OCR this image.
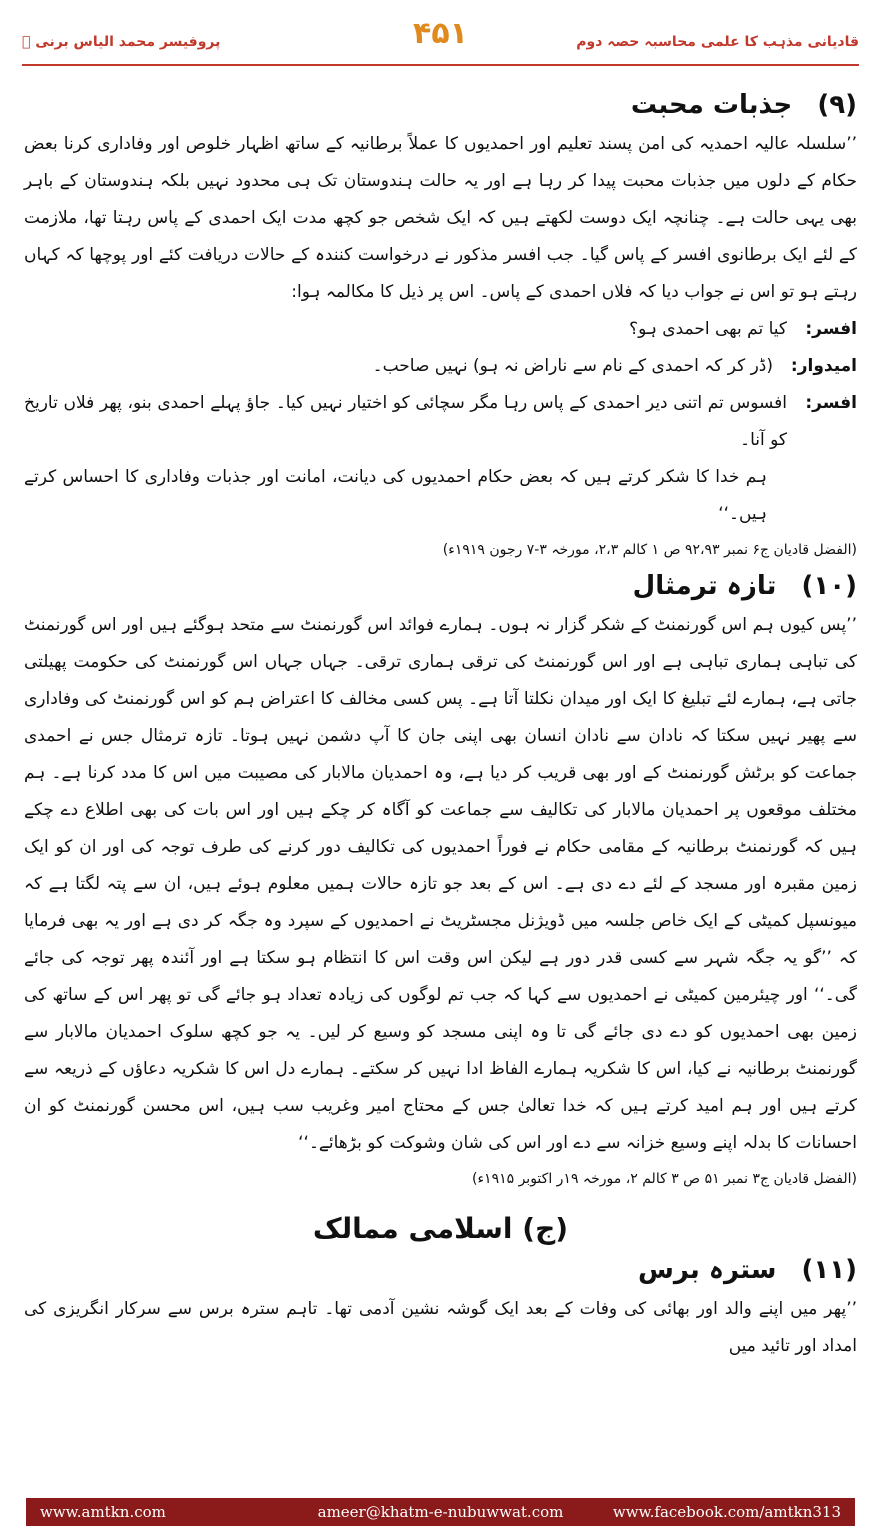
قادیانی مذہب کا علمی محاسبہ حصہ دوم
۴۵۱
پروفیسر محمد الیاس برنی ﷫
(۹) جذبات محبت

’’سلسلہ عالیہ احمدیہ کی امن پسند تعلیم اور احمدیوں کا عملاً برطانیہ کے ساتھ اظہار خلوص اور وفاداری کرنا بعض حکام کے دلوں میں جذبات محبت پیدا کر رہا ہے اور یہ حالت ہندوستان تک ہی محدود نہیں بلکہ ہندوستان کے باہر بھی یہی حالت ہے۔ چنانچہ ایک دوست لکھتے ہیں کہ ایک شخص جو کچھ مدت ایک احمدی کے پاس رہتا تھا، ملازمت کے لئے ایک برطانوی افسر کے پاس گیا۔ جب افسر مذکور نے درخواست کنندہ کے حالات دریافت کئے اور پوچھا کہ کہاں رہتے ہو تو اس نے جواب دیا کہ فلاں احمدی کے پاس۔ اس پر ذیل کا مکالمہ ہوا:

افسر:
کیا تم بھی احمدی ہو؟
امیدوار:
(ڈر کر کہ احمدی کے نام سے ناراض نہ ہو) نہیں صاحب۔
افسر:
افسوس تم اتنی دیر احمدی کے پاس رہا مگر سچائی کو اختیار نہیں کیا۔ جاؤ پہلے احمدی بنو، پھر فلاں تاریخ کو آنا۔

ہم خدا کا شکر کرتے ہیں کہ بعض حکام احمدیوں کی دیانت، امانت اور جذبات وفاداری کا احساس کرتے ہیں۔‘‘

(الفضل قادیان ج۶ نمبر ۹۲،۹۳ ص ۱ کالم ۲،۳، مورخہ ۳-۷ رجون ۱۹۱۹ء)
(۱۰) تازہ ترمثال

’’پس کیوں ہم اس گورنمنٹ کے شکر گزار نہ ہوں۔ ہمارے فوائد اس گورنمنٹ سے متحد ہوگئے ہیں اور اس گورنمنٹ کی تباہی ہماری تباہی ہے اور اس گورنمنٹ کی ترقی ہماری ترقی۔ جہاں جہاں اس گورنمنٹ کی حکومت پھیلتی جاتی ہے، ہمارے لئے تبلیغ کا ایک اور میدان نکلتا آتا ہے۔ پس کسی مخالف کا اعتراض ہم کو اس گورنمنٹ کی وفاداری سے پھیر نہیں سکتا کہ نادان سے نادان انسان بھی اپنی جان کا آپ دشمن نہیں ہوتا۔ تازہ ترمثال جس نے احمدی جماعت کو برٹش گورنمنٹ کے اور بھی قریب کر دیا ہے، وہ احمدیان مالابار کی مصیبت میں اس کا مدد کرنا ہے۔ ہم مختلف موقعوں پر احمدیان مالابار کی تکالیف سے جماعت کو آگاہ کر چکے ہیں اور اس بات کی بھی اطلاع دے چکے ہیں کہ گورنمنٹ برطانیہ کے مقامی حکام نے فوراً احمدیوں کی تکالیف دور کرنے کی طرف توجہ کی اور ان کو ایک زمین مقبرہ اور مسجد کے لئے دے دی ہے۔ اس کے بعد جو تازہ حالات ہمیں معلوم ہوئے ہیں، ان سے پتہ لگتا ہے کہ میونسپل کمیٹی کے ایک خاص جلسہ میں ڈویژنل مجسٹریٹ نے احمدیوں کے سپرد وہ جگہ کر دی ہے اور یہ بھی فرمایا کہ ’’گو یہ جگہ شہر سے کسی قدر دور ہے لیکن اس وقت اس کا انتظام ہو سکتا ہے اور آئندہ پھر توجہ کی جائے گی۔‘‘ اور چیئرمین کمیٹی نے احمدیوں سے کہا کہ جب تم لوگوں کی زیادہ تعداد ہو جائے گی تو پھر اس کے ساتھ کی زمین بھی احمدیوں کو دے دی جائے گی تا وہ اپنی مسجد کو وسیع کر لیں۔ یہ جو کچھ سلوک احمدیان مالابار سے گورنمنٹ برطانیہ نے کیا، اس کا شکریہ ہمارے الفاظ ادا نہیں کر سکتے۔ ہمارے دل اس کا شکریہ دعاؤں کے ذریعہ سے کرتے ہیں اور ہم امید کرتے ہیں کہ خدا تعالیٰ جس کے محتاج امیر وغریب سب ہیں، اس محسن گورنمنٹ کو ان احسانات کا بدلہ اپنے وسیع خزانہ سے دے اور اس کی شان وشوکت کو بڑھائے۔‘‘

(الفضل قادیان ج۳ نمبر ۵۱ ص ۳ کالم ۲، مورخہ ۱۹ر اکتوبر ۱۹۱۵ء)
(ج) اسلامی ممالک
(۱۱) سترہ برس

’’پھر میں اپنے والد اور بھائی کی وفات کے بعد ایک گوشہ نشین آدمی تھا۔ تاہم سترہ برس سے سرکار انگریزی کی امداد اور تائید میں

www.amtkn.com	ameer@khatm-e-nubuwwat.com	www.facebook.com/amtkn313
